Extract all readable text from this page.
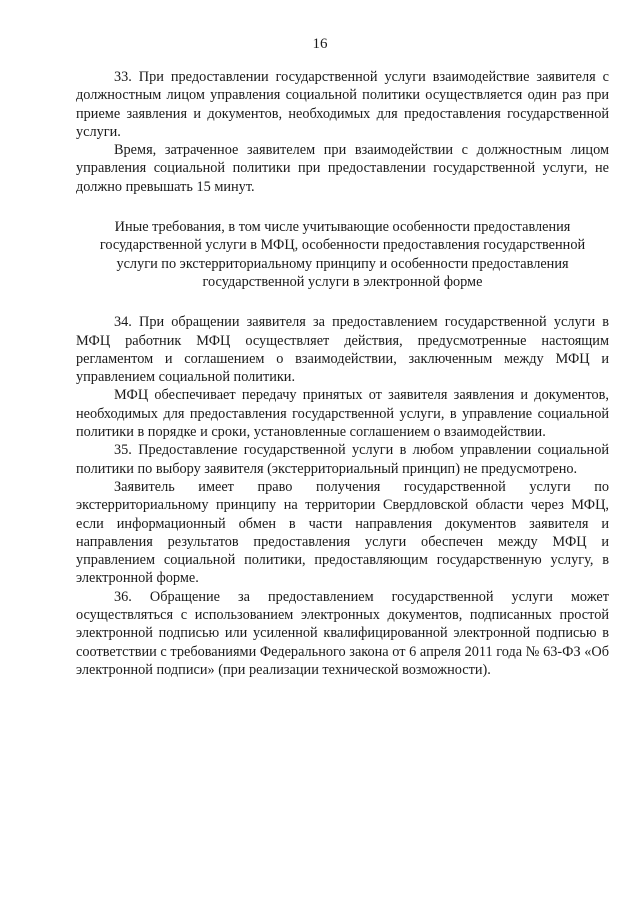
16

33. При предоставлении государственной услуги взаимодействие заявителя с должностным лицом управления социальной политики осуществляется один раз при приеме заявления и документов, необходимых для предоставления государственной услуги.

Время, затраченное заявителем при взаимодействии с должностным лицом управления социальной политики при предоставлении государственной услуги, не должно превышать 15 минут.

Иные требования, в том числе учитывающие особенности предоставления государственной услуги в МФЦ, особенности предоставления государственной услуги по экстерриториальному принципу и особенности предоставления государственной услуги в электронной форме

34. При обращении заявителя за предоставлением государственной услуги в МФЦ работник МФЦ осуществляет действия, предусмотренные настоящим регламентом и соглашением о взаимодействии, заключенным между МФЦ и управлением социальной политики.

МФЦ обеспечивает передачу принятых от заявителя заявления и документов, необходимых для предоставления государственной услуги, в управление социальной политики в порядке и сроки, установленные соглашением о взаимодействии.

35. Предоставление государственной услуги в любом управлении социальной политики по выбору заявителя (экстерриториальный принцип) не предусмотрено.

Заявитель имеет право получения государственной услуги по экстерриториальному принципу на территории Свердловской области через МФЦ, если информационный обмен в части направления документов заявителя и направления результатов предоставления услуги обеспечен между МФЦ и управлением социальной политики, предоставляющим государственную услугу, в электронной форме.

36. Обращение за предоставлением государственной услуги может осуществляться с использованием электронных документов, подписанных простой электронной подписью или усиленной квалифицированной электронной подписью в соответствии с требованиями Федерального закона от 6 апреля 2011 года № 63-ФЗ «Об электронной подписи» (при реализации технической возможности).
